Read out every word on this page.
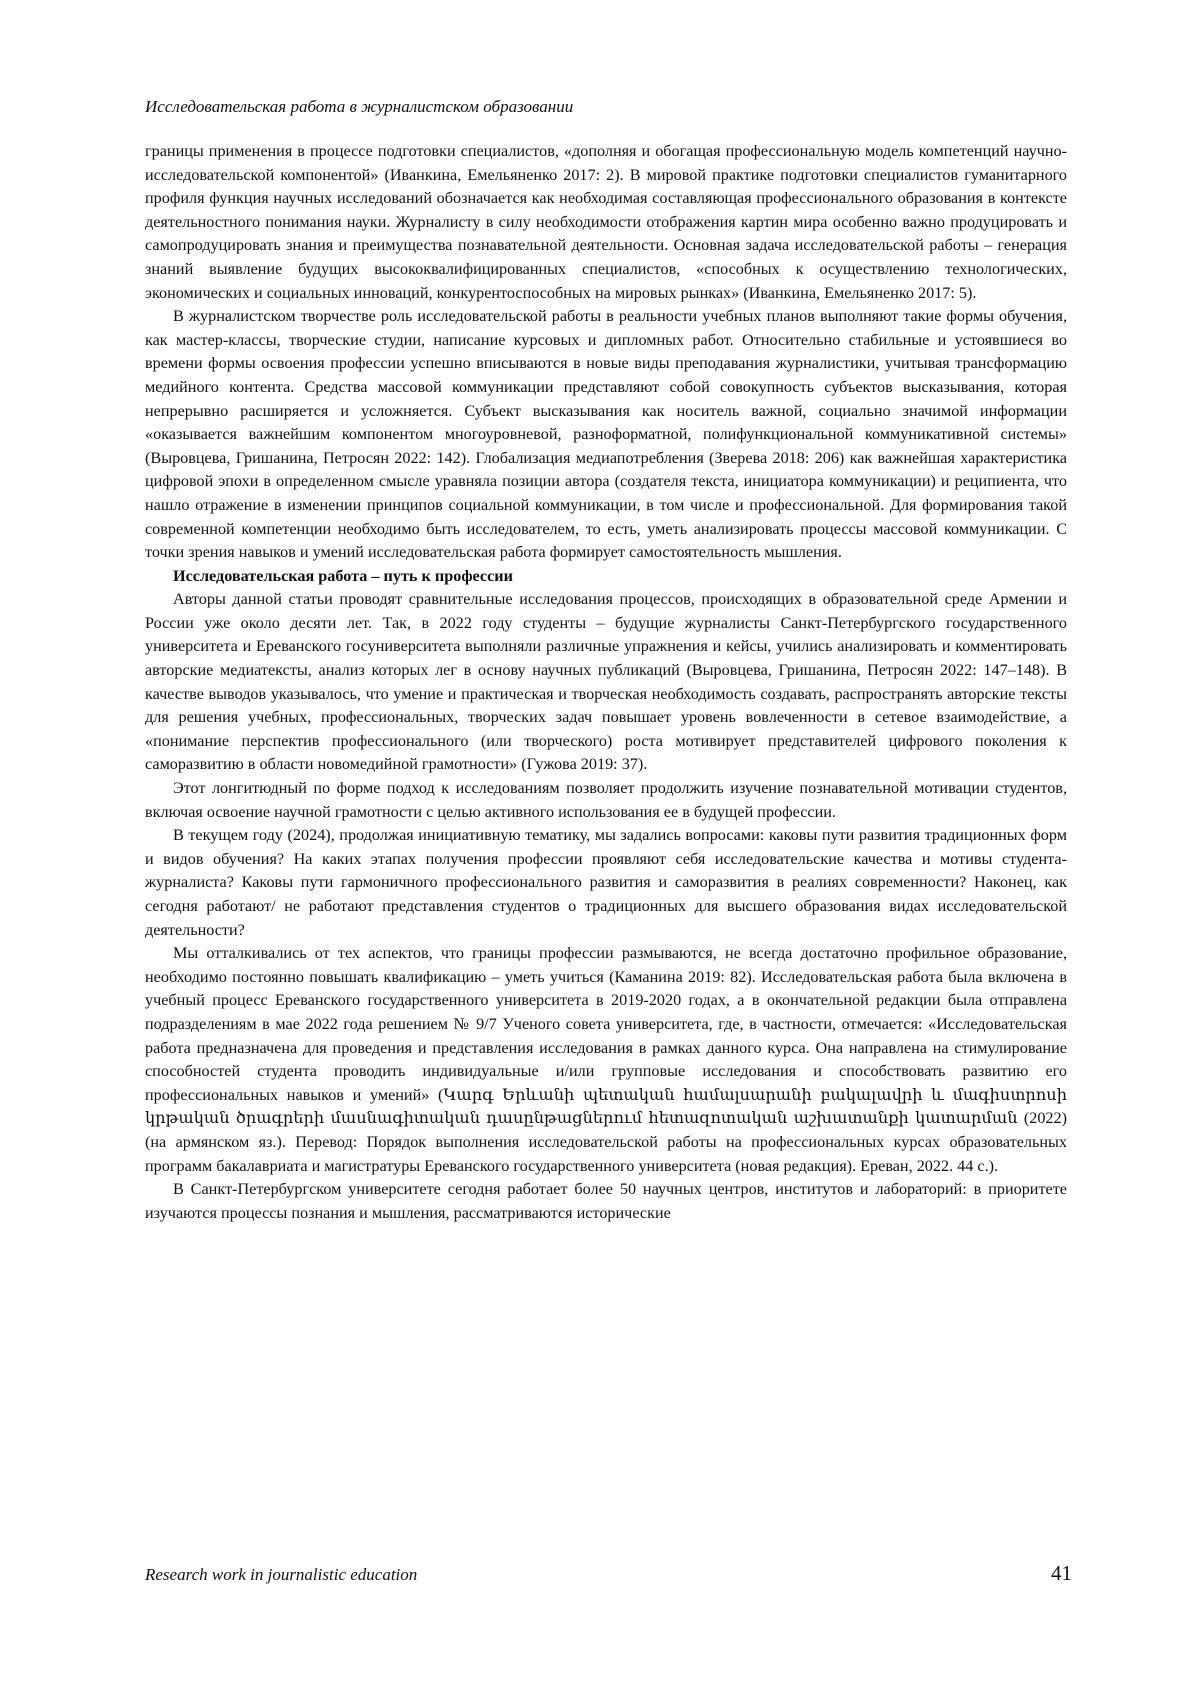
Исследовательская работа в журналистском образовании

границы применения в процессе подготовки специалистов, «дополняя и обогащая профессиональную модель компетенций научно-исследовательской компонентой» (Иванкина, Емельяненко 2017: 2). В мировой практике подготовки специалистов гуманитарного профиля функция научных исследований обозначается как необходимая составляющая профессионального образования в контексте деятельностного понимания науки. Журналисту в силу необходимости отображения картин мира особенно важно продуцировать и самопродуцировать знания и преимущества познавательной деятельности. Основная задача исследовательской работы – генерация знаний выявление будущих высококвалифицированных специалистов, «способных к осуществлению технологических, экономических и социальных инноваций, конкурентоспособных на мировых рынках» (Иванкина, Емельяненко 2017: 5).

В журналистском творчестве роль исследовательской работы в реальности учебных планов выполняют такие формы обучения, как мастер-классы, творческие студии, написание курсовых и дипломных работ. Относительно стабильные и устоявшиеся во времени формы освоения профессии успешно вписываются в новые виды преподавания журналистики, учитывая трансформацию медийного контента. Средства массовой коммуникации представляют собой совокупность субъектов высказывания, которая непрерывно расширяется и усложняется. Субъект высказывания как носитель важной, социально значимой информации «оказывается важнейшим компонентом многоуровневой, разноформатной, полифункциональной коммуникативной системы» (Выровцева, Гришанина, Петросян 2022: 142). Глобализация медиапотребления (Зверева 2018: 206) как важнейшая характеристика цифровой эпохи в определенном смысле уравняла позиции автора (создателя текста, инициатора коммуникации) и реципиента, что нашло отражение в изменении принципов социальной коммуникации, в том числе и профессиональной. Для формирования такой современной компетенции необходимо быть исследователем, то есть, уметь анализировать процессы массовой коммуникации. С точки зрения навыков и умений исследовательская работа формирует самостоятельность мышления.

Исследовательская работа – путь к профессии

Авторы данной статьи проводят сравнительные исследования процессов, происходящих в образовательной среде Армении и России уже около десяти лет. Так, в 2022 году студенты – будущие журналисты Санкт-Петербургского государственного университета и Ереванского госуниверситета выполняли различные упражнения и кейсы, учились анализировать и комментировать авторские медиатексты, анализ которых лег в основу научных публикаций (Выровцева, Гришанина, Петросян 2022: 147–148). В качестве выводов указывалось, что умение и практическая и творческая необходимость создавать, распространять авторские тексты для решения учебных, профессиональных, творческих задач повышает уровень вовлеченности в сетевое взаимодействие, а «понимание перспектив профессионального (или творческого) роста мотивирует представителей цифрового поколения к саморазвитию в области новомедийной грамотности» (Гужова 2019: 37).

Этот лонгитюдный по форме подход к исследованиям позволяет продолжить изучение познавательной мотивации студентов, включая освоение научной грамотности с целью активного использования ее в будущей профессии.

В текущем году (2024), продолжая инициативную тематику, мы задались вопросами: каковы пути развития традиционных форм и видов обучения? На каких этапах получения профессии проявляют себя исследовательские качества и мотивы студента-журналиста? Каковы пути гармоничного профессионального развития и саморазвития в реалиях современности? Наконец, как сегодня работают/ не работают представления студентов о традиционных для высшего образования видах исследовательской деятельности?

Мы отталкивались от тех аспектов, что границы профессии размываются, не всегда достаточно профильное образование, необходимо постоянно повышать квалификацию – уметь учиться (Каманина 2019: 82). Исследовательская работа была включена в учебный процесс Ереванского государственного университета в 2019-2020 годах, а в окончательной редакции была отправлена подразделениям в мае 2022 года решением № 9/7 Ученого совета университета, где, в частности, отмечается: «Исследовательская работа предназначена для проведения и представления исследования в рамках данного курса. Она направлена на стимулирование способностей студента проводить индивидуальные и/или групповые исследования и способствовать развитию его профессиональных навыков и умений» (Կարգ Երևանի պետական համալսարանի բակալավրի և մագիստրոսի կրթական ծրագրերի մասնագիտական դասընթացներում հետազոտական աշխատանքի կատարման (2022) (на армянском яз.). Перевод: Порядок выполнения исследовательской работы на профессиональных курсах образовательных программ бакалавриата и магистратуры Ереванского государственного университета (новая редакция). Ереван, 2022. 44 с.).

В Санкт-Петербургском университете сегодня работает более 50 научных центров, институтов и лабораторий: в приоритете изучаются процессы познания и мышления, рассматриваются исторические

Research work in journalistic education	41
